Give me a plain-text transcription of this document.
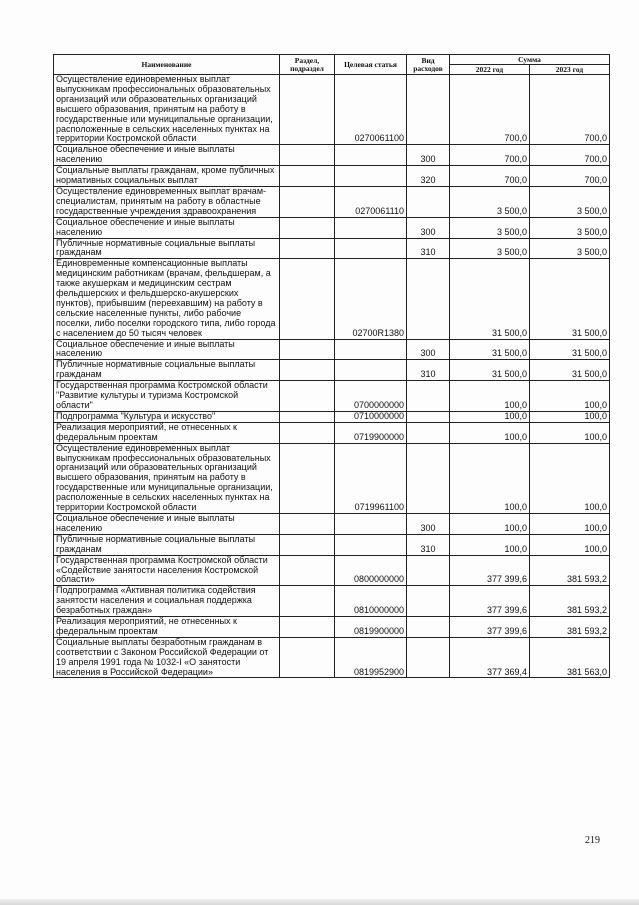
Наименование	Раздел, подраздел	Целевая статья	Вид расходов	Сумма	
				2022 год	2023 год
Осуществление единовременных выплат выпускникам профессиональных образовательных организаций или образовательных организаций высшего образования, принятым на работу в государственные или муниципальные организации, расположенные в сельских населенных пунктах на территории Костромской области		0270061100		700,0	700,0
Социальное обеспечение и иные выплаты населению			300	700,0	700,0
Социальные выплаты гражданам, кроме публичных нормативных социальных выплат			320	700,0	700,0
Осуществление единовременных выплат врачам-специалистам, принятым на работу в областные государственные учреждения здравоохранения		0270061110		3 500,0	3 500,0
Социальное обеспечение и иные выплаты населению			300	3 500,0	3 500,0
Публичные нормативные социальные выплаты гражданам			310	3 500,0	3 500,0
Единовременные компенсационные выплаты медицинским работникам (врачам, фельдшерам, а также акушеркам и медицинским сестрам фельдшерских и фельдшерско-акушерских пунктов), прибывшим (переехавшим) на работу в сельские населенные пункты, либо рабочие поселки, либо поселки городского типа, либо города с населением до 50 тысяч человек		02700R1380		31 500,0	31 500,0
Социальное обеспечение и иные выплаты населению			300	31 500,0	31 500,0
Публичные нормативные социальные выплаты гражданам			310	31 500,0	31 500,0
Государственная программа Костромской области "Развитие культуры и туризма Костромской области"		0700000000		100,0	100,0
Подпрограмма "Культура и искусство"		0710000000		100,0	100,0
Реализация мероприятий, не отнесенных к федеральным проектам		0719900000		100,0	100,0
Осуществление единовременных выплат выпускникам профессиональных образовательных организаций или образовательных организаций высшего образования, принятым на работу в государственные или муниципальные организации, расположенные в сельских населенных пунктах на территории Костромской области		0719961100		100,0	100,0
Социальное обеспечение и иные выплаты населению			300	100,0	100,0
Публичные нормативные социальные выплаты гражданам			310	100,0	100,0
Государственная программа Костромской области «Содействие занятости населения Костромской области»		0800000000		377 399,6	381 593,2
Подпрограмма «Активная политика содействия занятости населения и социальная поддержка безработных граждан»		0810000000		377 399,6	381 593,2
Реализация мероприятий, не отнесенных к федеральным проектам		0819900000		377 399,6	381 593,2
Социальные выплаты безработным гражданам в соответствии с Законом Российской Федерации от 19 апреля 1991 года № 1032-I «О занятости населения в Российской Федерации»		0819952900		377 369,4	381 563,0
219
